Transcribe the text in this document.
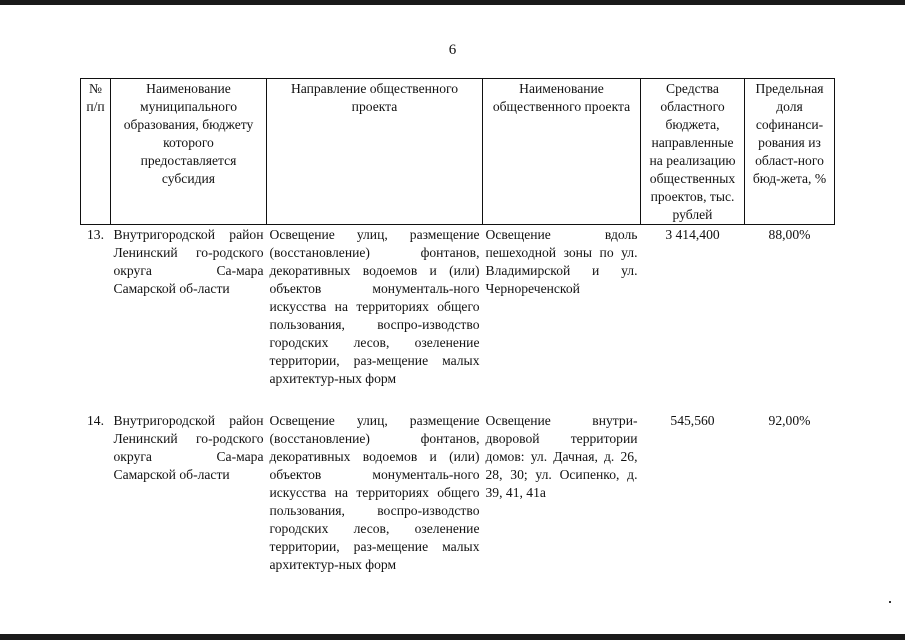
6
№ п/п	Наименование муниципального образования, бюджету которого предоставляется субсидия	Направление общественного проекта	Наименование общественного проекта	Средства областного бюджета, направленные на реализацию общественных проектов, тыс. рублей	Предельная доля софинанси-рования из област-ного бюд-жета, %
13.	Внутригородской район Ленинский го-родского округа Са-мара Самарской об-ласти	Освещение улиц, размещение (восстановление) фонтанов, декоративных водоемов и (или) объектов монументаль-ного искусства на территориях общего пользования, воспро-изводство городских лесов, озеленение территории, раз-мещение малых архитектур-ных форм	Освещение вдоль пешеходной зоны по ул. Владимирской и ул. Чернореченской	3 414,400	88,00%
14.	Внутригородской район Ленинский го-родского округа Са-мара Самарской об-ласти	Освещение улиц, размещение (восстановление) фонтанов, декоративных водоемов и (или) объектов монументаль-ного искусства на территориях общего пользования, воспро-изводство городских лесов, озеленение территории, раз-мещение малых архитектур-ных форм	Освещение внутри-дворовой территории домов: ул. Дачная, д. 26, 28, 30; ул. Осипенко, д. 39, 41, 41а	545,560	92,00%
